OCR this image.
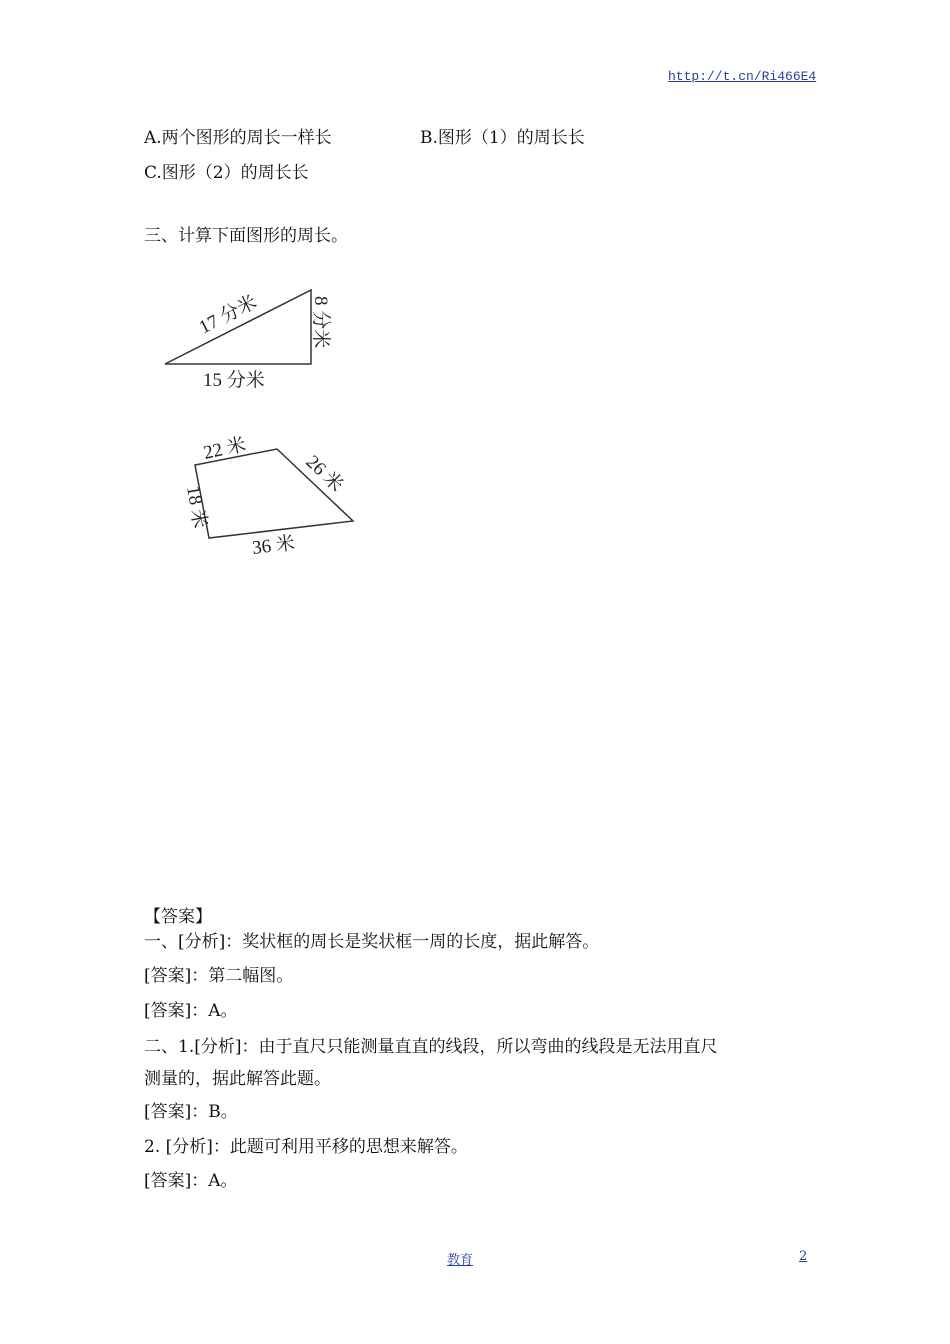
http://t.cn/Ri466E4
A.两个图形的周长一样长	B.图形（1）的周长长
C.图形（2）的周长长
三、计算下面图形的周长。
17 分米	8 分米
15 分米
22 米
26 米
18 米
36 米
【答案】
一、[分析]：奖状框的周长是奖状框一周的长度，据此解答。
[答案]：第二幅图。
[答案]：A。
二、1.[分析]：由于直尺只能测量直直的线段，所以弯曲的线段是无法用直尺
测量的，据此解答此题。
[答案]：B。
2. [分析]：此题可利用平移的思想来解答。
[答案]：A。
教育	2
